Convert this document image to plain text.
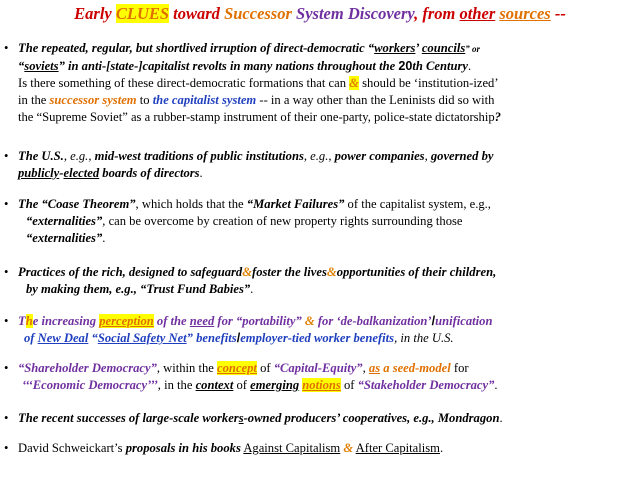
Early CLUES toward Successor System Discovery, from other sources --
• The repeated, regular, but shortlived irruption of direct-democratic “workers’ councils” or
“soviets” in anti-[state-]capitalist revolts in many nations throughout the 20th Century.
Is there something of these direct-democratic formations that can & should be ‘institution-ized’
in the successor system to the capitalist system -- in a way other than the Leninists did so with
the “Supreme Soviet” as a rubber-stamp instrument of their one-party, police-state dictatorship?
• The U.S., e.g., mid-west traditions of public institutions, e.g., power companies, governed by
publicly-elected boards of directors.
• The “Coase Theorem”, which holds that the “Market Failures” of the capitalist system, e.g.,
“externalities”, can be overcome by creation of new property rights surrounding those
“externalities”.
• Practices of the rich, designed to safeguard&foster the lives&opportunities of their children,
by making them, e.g., “Trust Fund Babies”.
• The increasing perception of the need for “portability” & for ‘de-balkanization’/unification
of New Deal “Social Safety Net” benefits/employer-tied worker benefits, in the U.S.
• “Shareholder Democracy”, within the concept of “Capital-Equity”, as a seed-model for
‘‘‘Economic Democracy’’’, in the context of emerging notions of “Stakeholder Democracy”.
• The recent successes of large-scale workers-owned producers’ cooperatives, e.g., Mondragon.
• David Schweickart’s proposals in his books Against Capitalism & After Capitalism.
